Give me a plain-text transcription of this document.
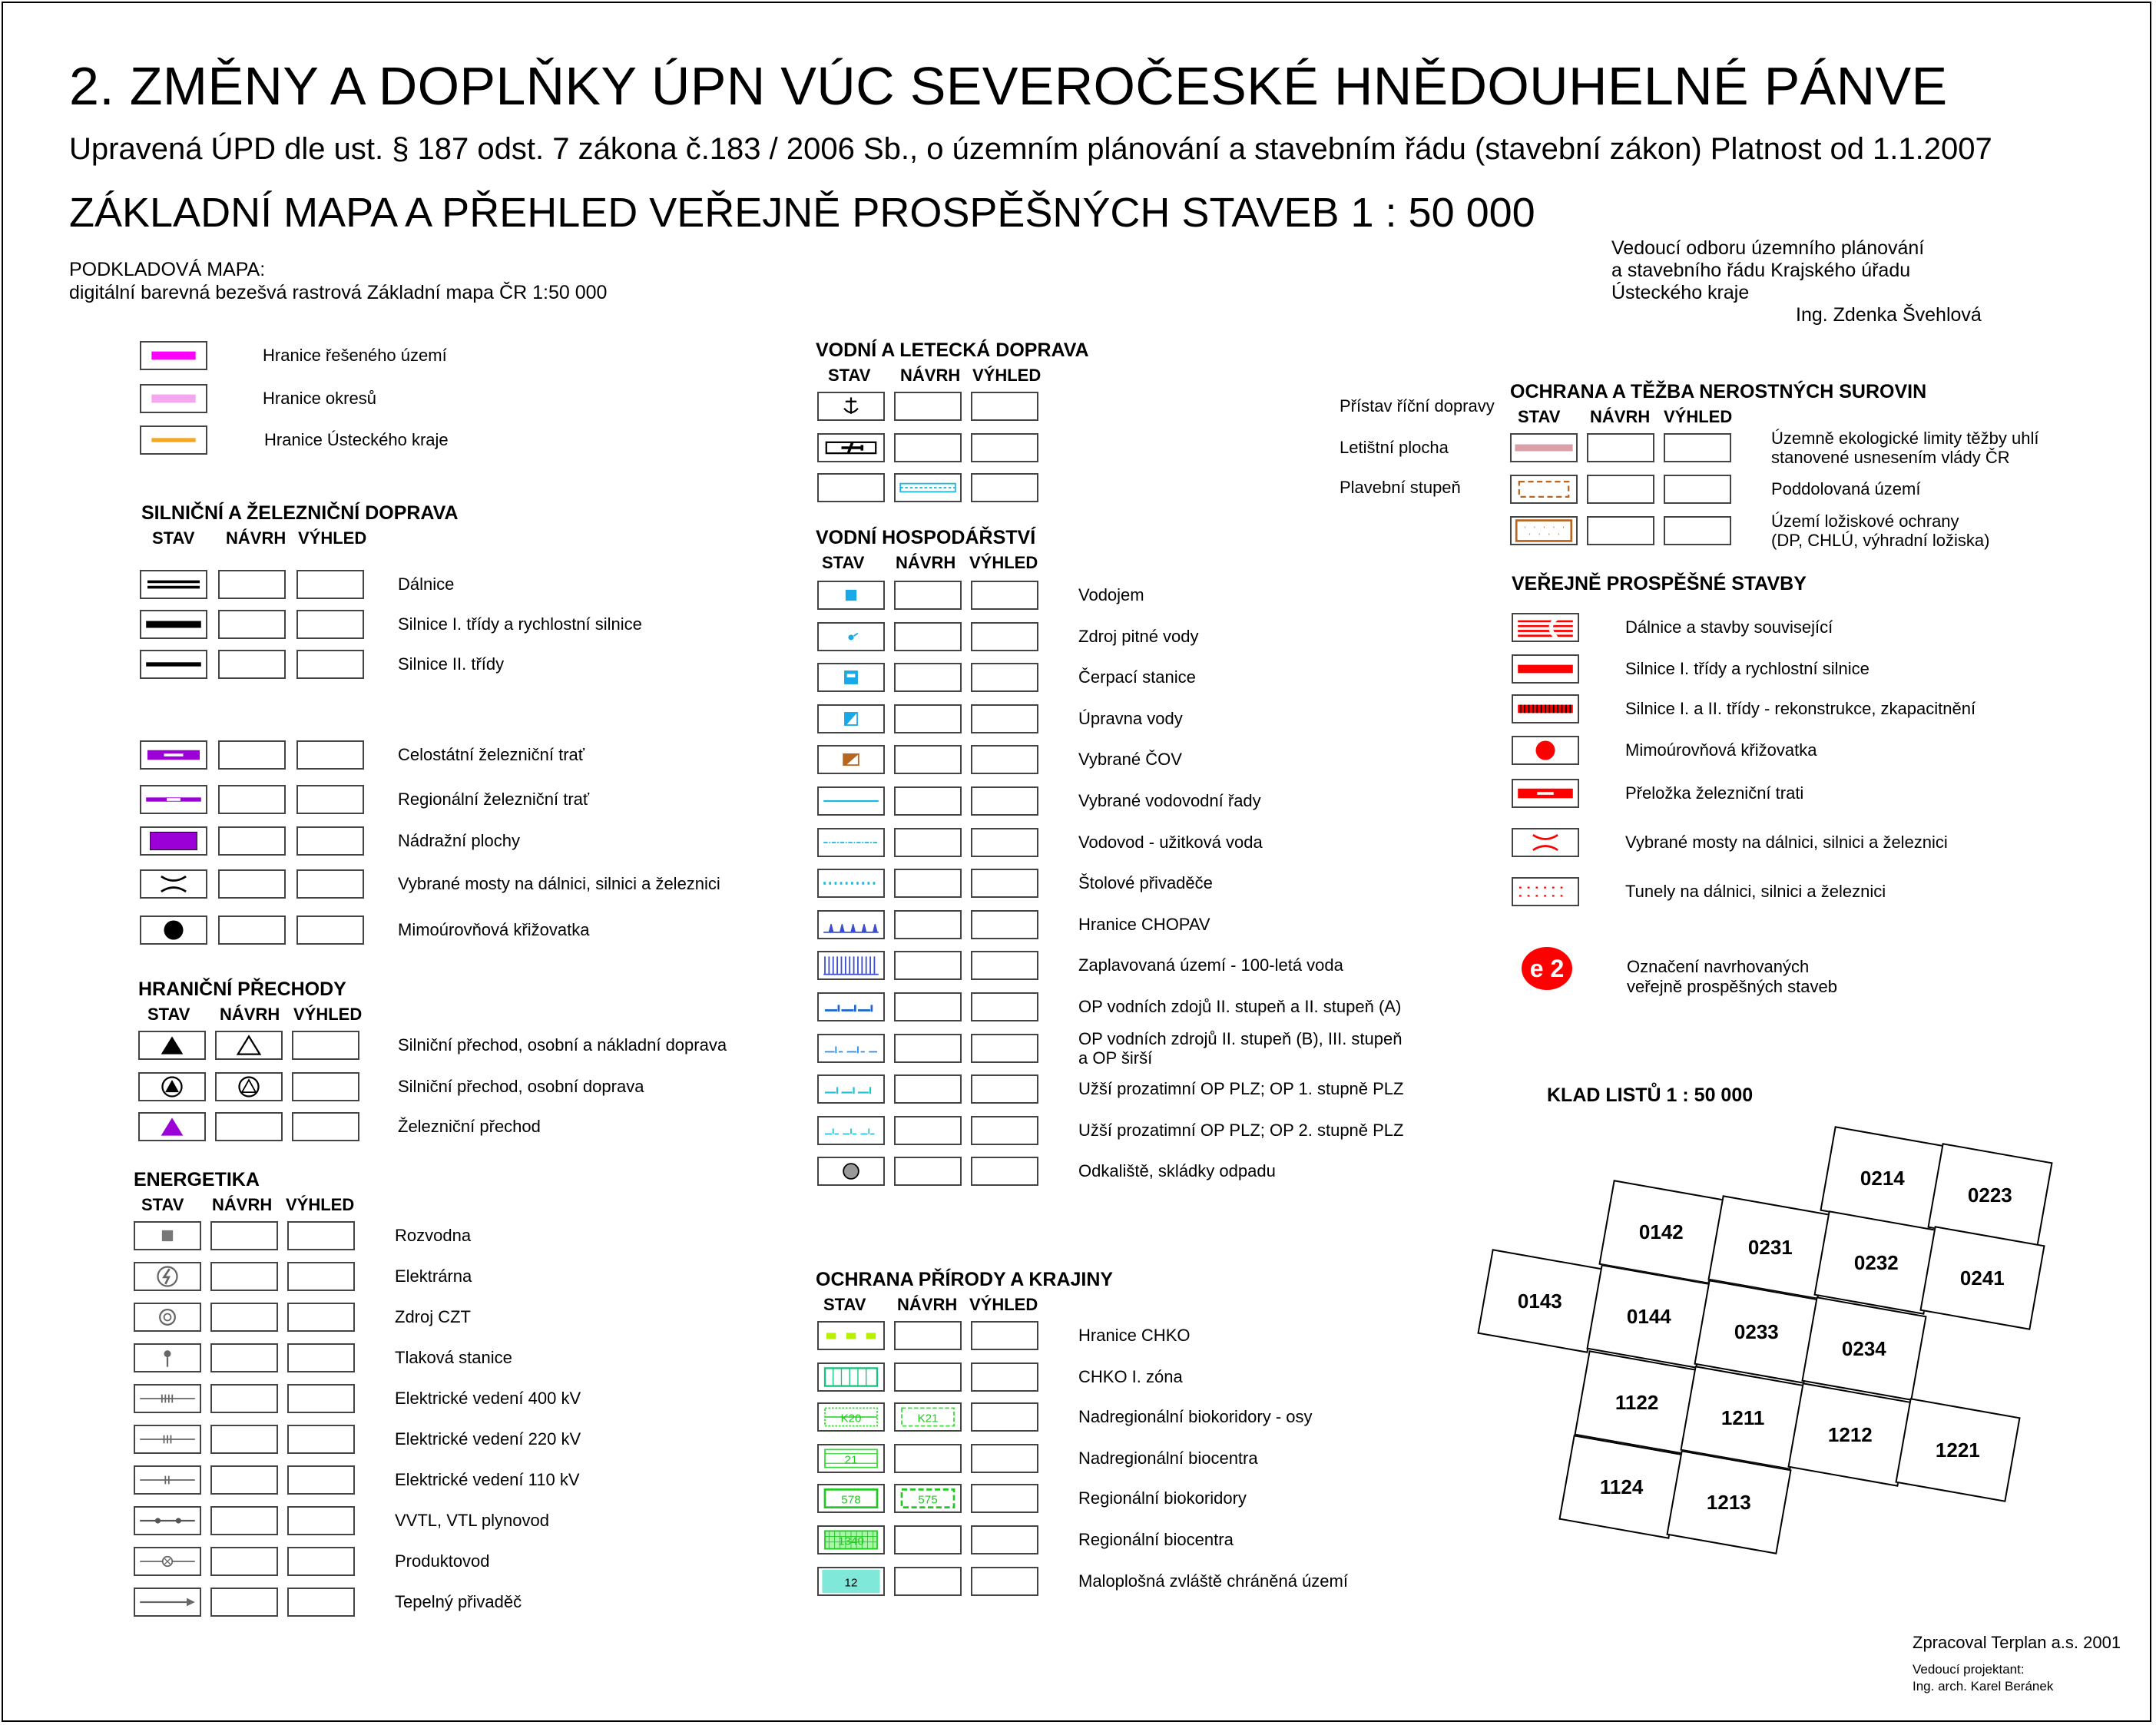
2. ZMĚNY A DOPLŇKY ÚPN VÚC SEVEROČESKÉ HNĚDOUHELNÉ PÁNVE
Upravená ÚPD dle ust. § 187 odst. 7 zákona č.183 / 2006 Sb., o územním plánování a stavebním řádu (stavební zákon) Platnost od 1.1.2007
ZÁKLADNÍ MAPA A PŘEHLED VEŘEJNĚ PROSPĚŠNÝCH STAVEB 1 : 50 000
PODKLADOVÁ MAPA:
digitální barevná bezešvá rastrová Základní mapa ČR 1:50 000
Vedoucí odboru územního plánování
a stavebního řádu Krajského úřadu
Ústeckého kraje
Ing. Zdenka Švehlová
Hranice řešeného území
Hranice okresů
Hranice Ústeckého kraje
SILNIČNÍ A ŽELEZNIČNÍ DOPRAVA
STAV NÁVRH VÝHLED
Dálnice
Silnice I. třídy a rychlostní silnice
Silnice II. třídy
Celostátní železniční trať
Regionální železniční trať
Nádražní plochy
Vybrané mosty na dálnici, silnici a železnici
Mimoúrovňová křižovatka
HRANIČNÍ PŘECHODY
STAV NÁVRH VÝHLED
Silniční přechod, osobní a nákladní doprava
Silniční přechod, osobní doprava
Železniční přechod
ENERGETIKA
STAV NÁVRH VÝHLED
Rozvodna
Elektrárna
Zdroj CZT
Tlaková stanice
Elektrické vedení 400 kV
Elektrické vedení 220 kV
Elektrické vedení 110 kV
VVTL, VTL plynovod
Produktovod
Tepelný přivaděč
VODNÍ A LETECKÁ DOPRAVA
STAV NÁVRH VÝHLED
Přístav říční dopravy
Letištní plocha
Plavební stupeň
VODNÍ HOSPODÁŘSTVÍ
STAV NÁVRH VÝHLED
Vodojem
Zdroj pitné vody
Čerpací stanice
Úpravna vody
Vybrané ČOV
Vybrané vodovodní řady
Vodovod - užitková voda
Štolové přivaděče
Hranice CHOPAV
Zaplavovaná území - 100-letá voda
OP vodních zdojů II. stupeň a II. stupeň (A)
OP vodních zdrojů II. stupeň (B), III. stupeň
a OP širší
Užší prozatimní OP PLZ; OP 1. stupně PLZ
Užší prozatimní OP PLZ; OP 2. stupně PLZ
Odkaliště, skládky odpadu
OCHRANA PŘÍRODY A KRAJINY
STAV NÁVRH VÝHLED
Hranice CHKO
CHKO I. zóna
K20	K21	Nadregionální biokoridory - osy
21	Nadregionální biocentra
578	575	Regionální biokoridory
1340	Regionální biocentra
12	Maloplošná zvláště chráněná území
OCHRANA A TĚŽBA NEROSTNÝCH SUROVIN
STAV NÁVRH VÝHLED
Územně ekologické limity těžby uhlí
stanovené usnesením vlády ČR
Poddolovaná území
Území ložiskové ochrany
(DP, CHLÚ, výhradní ložiska)
VEŘEJNĚ PROSPĚŠNÉ STAVBY
Dálnice a stavby související
Silnice I. třídy a rychlostní silnice
Silnice I. a II. třídy - rekonstrukce, zkapacitnění
Mimoúrovňová křižovatka
Přeložka železniční trati
Vybrané mosty na dálnici, silnici a železnici
Tunely na dálnici, silnici a železnici
e 2	Označení navrhovaných
veřejně prospěšných staveb
KLAD LISTŮ 1 : 50 000
0214
0223
0142
0231
0232
0241
0143
0144
0233
0234
1122
1211
1212
1221
1124
1213
Zpracoval Terplan a.s. 2001
Vedoucí projektant:
Ing. arch. Karel Beránek
